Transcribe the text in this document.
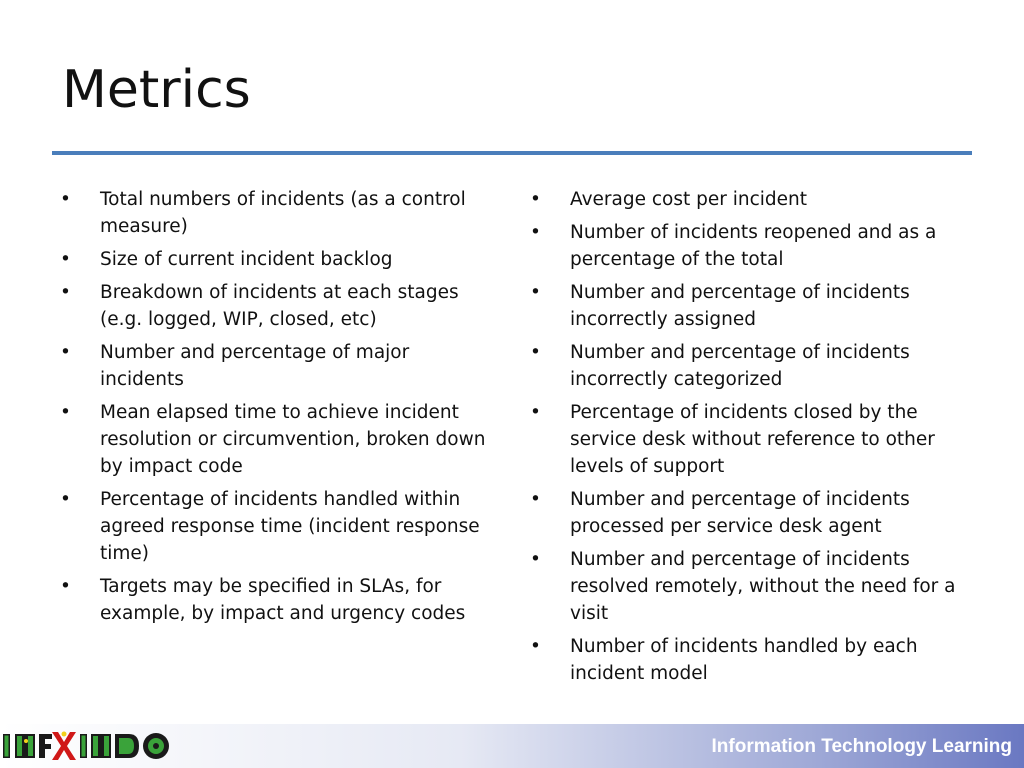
Metrics
•	Total numbers of incidents (as a control measure)
•	Size of current incident backlog
•	Breakdown of incidents at each stages (e.g. logged, WIP, closed, etc)
•	Number and percentage of major incidents
•	Mean elapsed time to achieve incident resolution or circumvention, broken down by impact code
•	Percentage of incidents handled within agreed response time (incident response time)
•	Targets may be specified in SLAs, for example, by impact and urgency codes
•	Average cost per incident
•	Number of incidents reopened and as a percentage of the total
•	Number and percentage of incidents incorrectly assigned
•	Number and percentage of incidents incorrectly categorized
•	Percentage of incidents closed by the service desk without reference to other levels of support
•	Number and percentage of incidents processed per service desk agent
•	Number and percentage of incidents resolved remotely, without the need for a visit
•	Number of incidents handled by each incident model
Information Technology Learning
